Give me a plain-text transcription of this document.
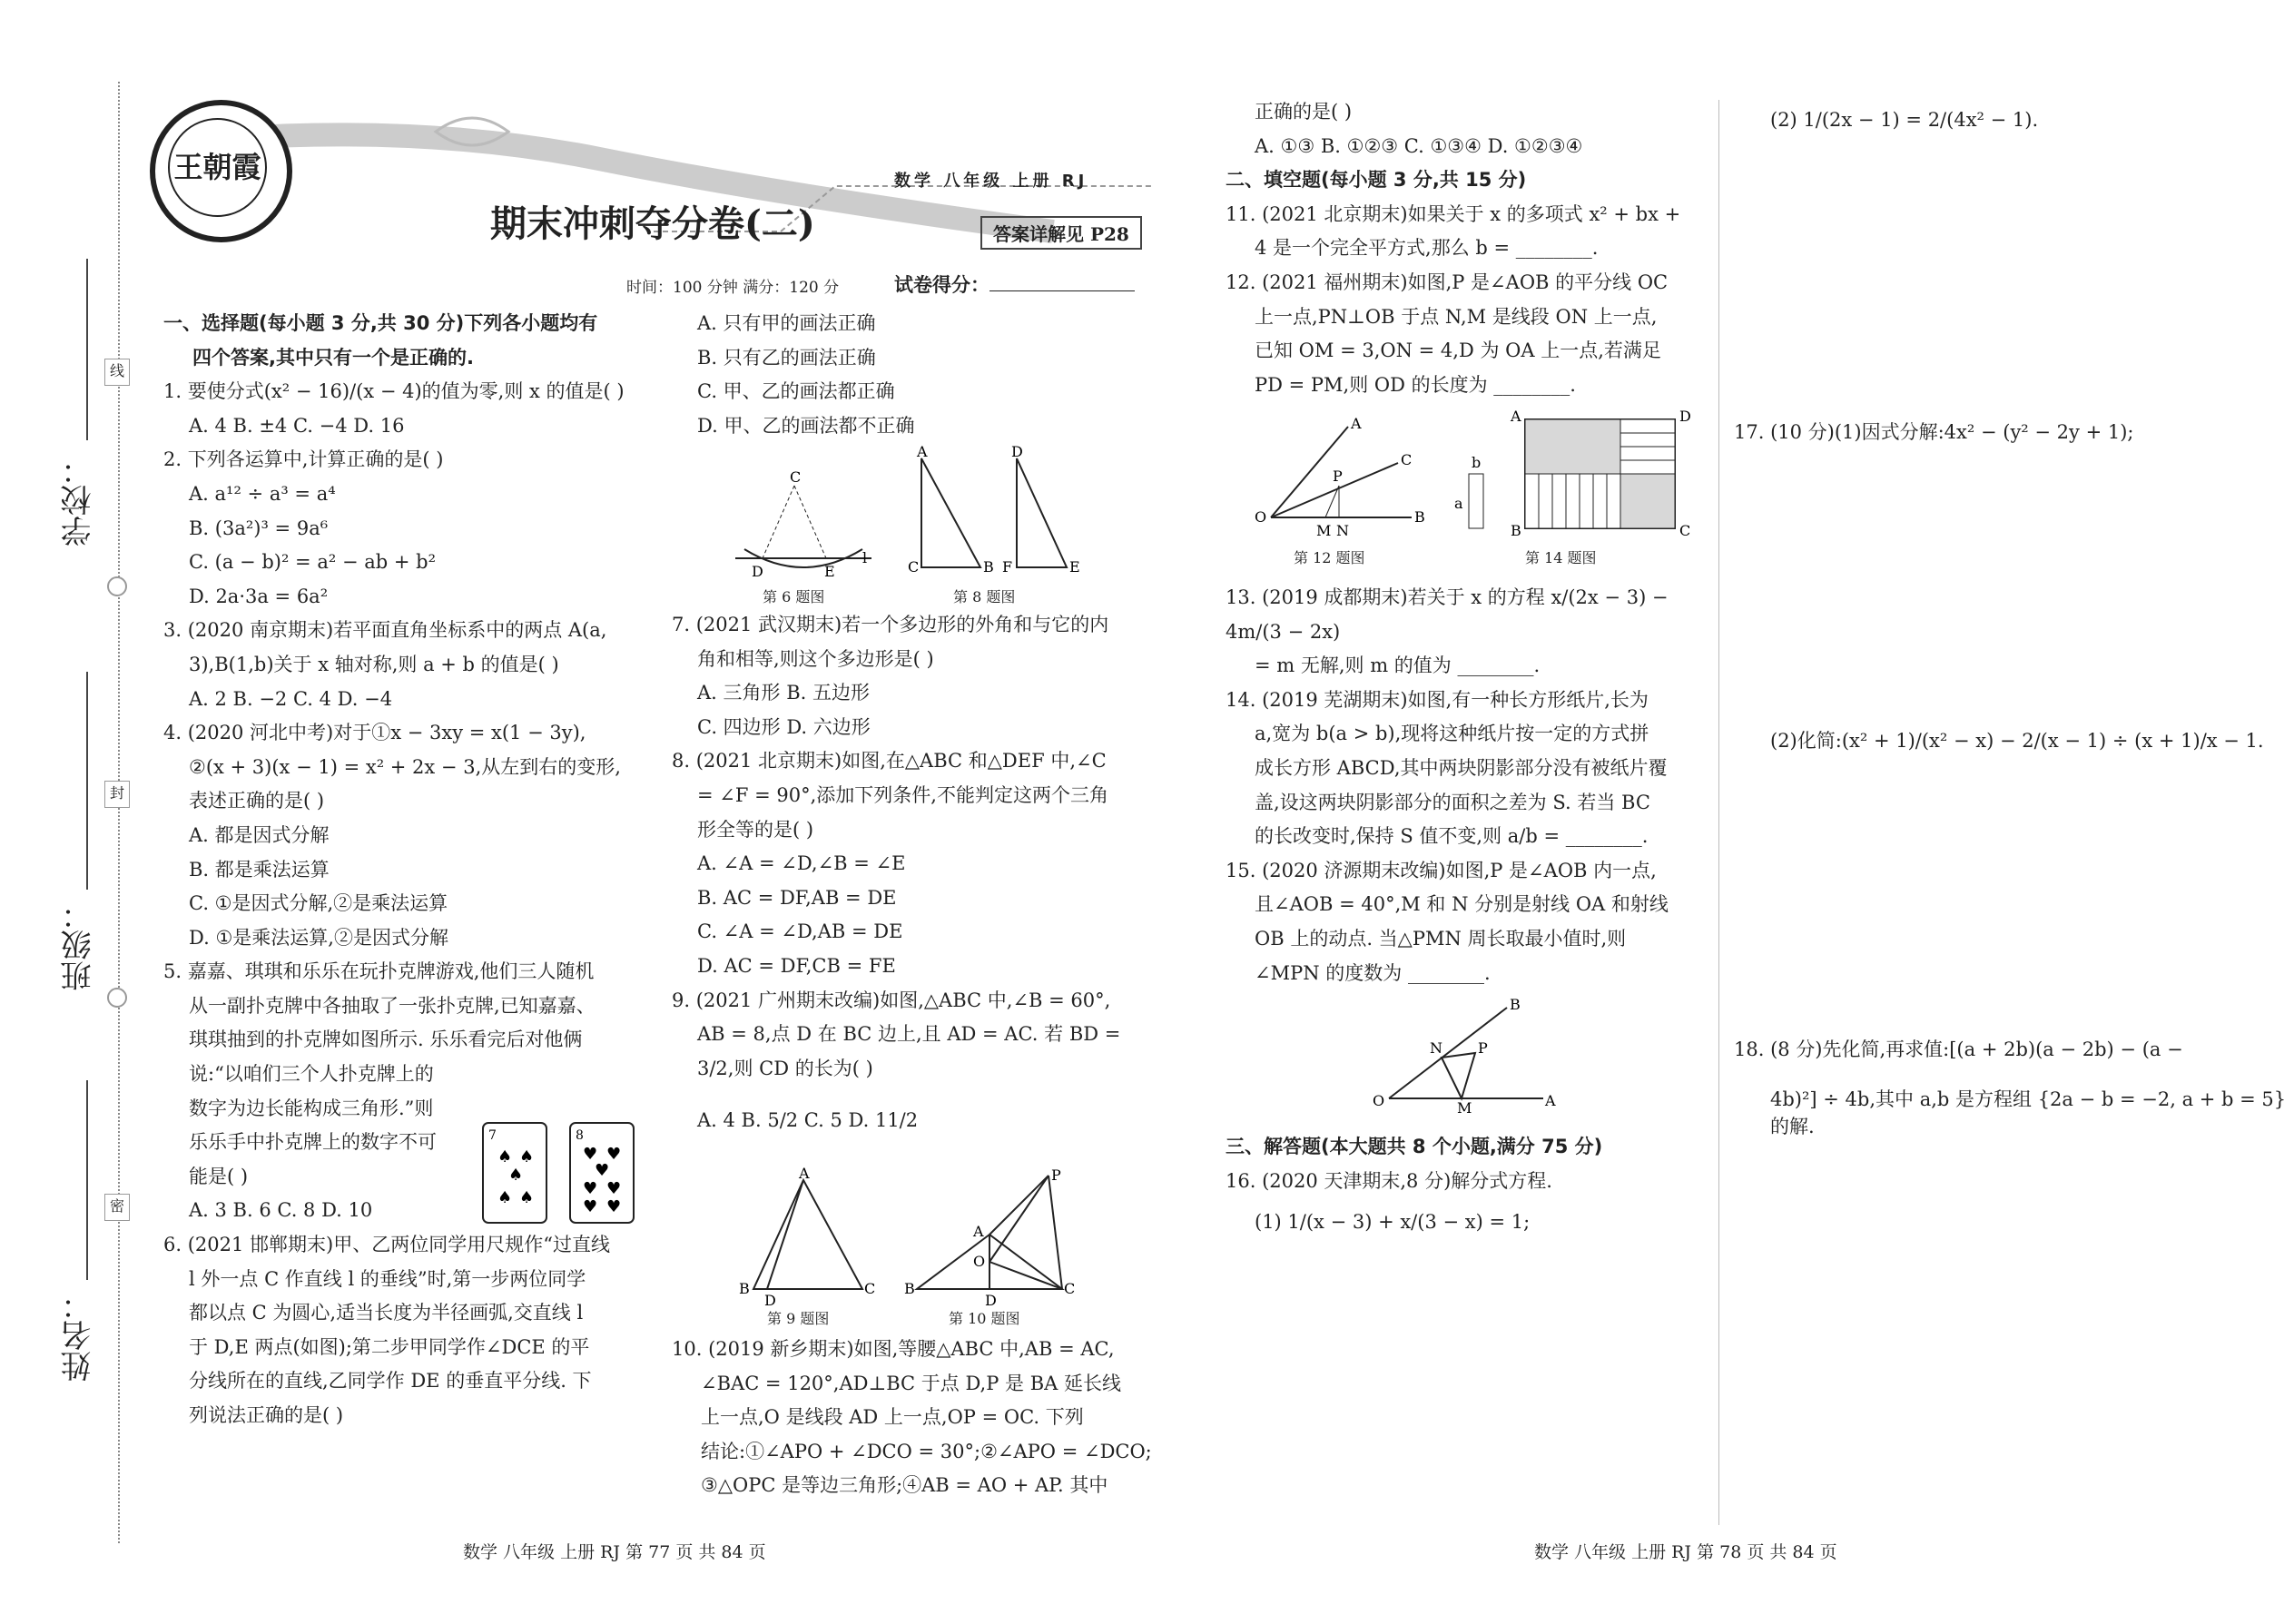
学校：
班级：
姓名：
线
封
密
王朝霞
期末冲刺夺分卷(二)
数学 八年级 上册 RJ
答案详解见 P28
时间：100 分钟 满分：120 分	试卷得分：
一、选择题(每小题 3 分,共 30 分)下列各小题均有
四个答案,其中只有一个是正确的.
1. 要使分式(x² − 16)/(x − 4)的值为零,则 x 的值是( )
A. 4 B. ±4 C. −4 D. 16
2. 下列各运算中,计算正确的是( )
A. a¹² ÷ a³ = a⁴
B. (3a²)³ = 9a⁶
C. (a − b)² = a² − ab + b²
D. 2a·3a = 6a²
3. (2020 南京期末)若平面直角坐标系中的两点 A(a,
3),B(1,b)关于 x 轴对称,则 a + b 的值是( )
A. 2 B. −2 C. 4 D. −4
4. (2020 河北中考)对于①x − 3xy = x(1 − 3y),
②(x + 3)(x − 1) = x² + 2x − 3,从左到右的变形,
表述正确的是( )
A. 都是因式分解
B. 都是乘法运算
C. ①是因式分解,②是乘法运算
D. ①是乘法运算,②是因式分解
5. 嘉嘉、琪琪和乐乐在玩扑克牌游戏,他们三人随机
从一副扑克牌中各抽取了一张扑克牌,已知嘉嘉、
琪琪抽到的扑克牌如图所示. 乐乐看完后对他俩
说:“以咱们三个人扑克牌上的
数字为边长能构成三角形.”则
乐乐手中扑克牌上的数字不可
能是( )
A. 3 B. 6 C. 8 D. 10
6. (2021 邯郸期末)甲、乙两位同学用尺规作“过直线
l 外一点 C 作直线 l 的垂线”时,第一步两位同学
都以点 C 为圆心,适当长度为半径画弧,交直线 l
于 D,E 两点(如图);第二步甲同学作∠DCE 的平
分线所在的直线,乙同学作 DE 的垂直平分线. 下
列说法正确的是( )
7
♠ ♠
♠
♠ ♠
8
♥ ♥
♥
♥ ♥
♥ ♥
A. 只有甲的画法正确
B. 只有乙的画法正确
C. 甲、乙的画法都正确
D. 甲、乙的画法都不正确
C
D	E
l
A
C	B
D
F	E
第 6 题图	第 8 题图
7. (2021 武汉期末)若一个多边形的外角和与它的内
角和相等,则这个多边形是( )
A. 三角形 B. 五边形
C. 四边形 D. 六边形
8. (2021 北京期末)如图,在△ABC 和△DEF 中,∠C
= ∠F = 90°,添加下列条件,不能判定这两个三角
形全等的是( )
A. ∠A = ∠D,∠B = ∠E
B. AC = DF,AB = DE
C. ∠A = ∠D,AB = DE
D. AC = DF,CB = FE
9. (2021 广州期末改编)如图,△ABC 中,∠B = 60°,
AB = 8,点 D 在 BC 边上,且 AD = AC. 若 BD =
3/2,则 CD 的长为( )
A. 4 B. 5/2 C. 5 D. 11/2
A
B
D
C
P
A
O
B
D
C
第 9 题图	第 10 题图
10. (2019 新乡期末)如图,等腰△ABC 中,AB = AC,
∠BAC = 120°,AD⊥BC 于点 D,P 是 BA 延长线
上一点,O 是线段 AD 上一点,OP = OC. 下列
结论:①∠APO + ∠DCO = 30°;②∠APO = ∠DCO;
③△OPC 是等边三角形;④AB = AO + AP. 其中
正确的是( )
A. ①③ B. ①②③ C. ①③④ D. ①②③④
二、填空题(每小题 3 分,共 15 分)
11. (2021 北京期末)如果关于 x 的多项式 x² + bx +
4 是一个完全平方式,那么 b = ________.
12. (2021 福州期末)如图,P 是∠AOB 的平分线 OC
上一点,PN⊥OB 于点 N,M 是线段 ON 上一点,
已知 OM = 3,ON = 4,D 为 OA 上一点,若满足
PD = PM,则 OD 的长度为 ________.
O
A
C
B
P
M N
b
a
A	D
B	C
第 12 题图	第 14 题图
13. (2019 成都期末)若关于 x 的方程 x/(2x − 3) − 4m/(3 − 2x)
= m 无解,则 m 的值为 ________.
14. (2019 芜湖期末)如图,有一种长方形纸片,长为
a,宽为 b(a > b),现将这种纸片按一定的方式拼
成长方形 ABCD,其中两块阴影部分没有被纸片覆
盖,设这两块阴影部分的面积之差为 S. 若当 BC
的长改变时,保持 S 值不变,则 a/b = ________.
15. (2020 济源期末改编)如图,P 是∠AOB 内一点,
且∠AOB = 40°,M 和 N 分别是射线 OA 和射线
OB 上的动点. 当△PMN 周长取最小值时,则
∠MPN 的度数为 ________.
O	A
B
N P
M
三、解答题(本大题共 8 个小题,满分 75 分)
16. (2020 天津期末,8 分)解分式方程.
(1) 1/(x − 3) + x/(3 − x) = 1;
(2) 1/(2x − 1) = 2/(4x² − 1).
17. (10 分)(1)因式分解:4x² − (y² − 2y + 1);
(2)化简:(x² + 1)/(x² − x) − 2/(x − 1) ÷ (x + 1)/x − 1.
18. (8 分)先化简,再求值:[(a + 2b)(a − 2b) − (a −
4b)²] ÷ 4b,其中 a,b 是方程组 {2a − b = −2, a + b = 5} 的解.
数学 八年级 上册 RJ 第 77 页 共 84 页	数学 八年级 上册 RJ 第 78 页 共 84 页
